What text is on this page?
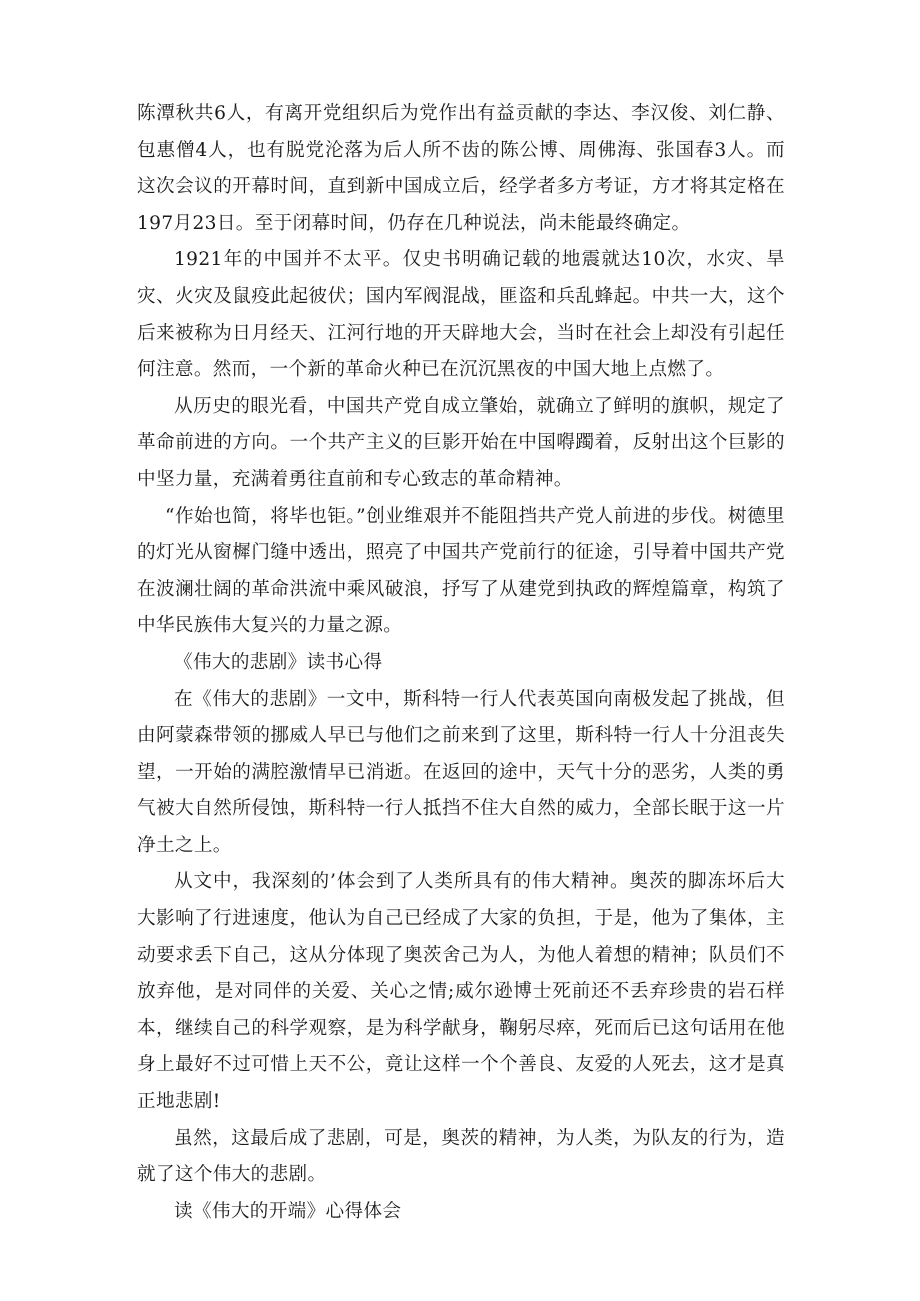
陈潭秋共6人，有离开党组织后为党作出有益贡献的李达、李汉俊、刘仁静、包惠僧4人，也有脱党沦落为后人所不齿的陈公博、周佛海、张国春3人。而这次会议的开幕时间，直到新中国成立后，经学者多方考证，方才将其定格在197月23日。至于闭幕时间，仍存在几种说法，尚未能最终确定。

1921年的中国并不太平。仅史书明确记载的地震就达10次，水灾、旱灾、火灾及鼠疫此起彼伏；国内军阀混战，匪盗和兵乱蜂起。中共一大，这个后来被称为日月经天、江河行地的开天辟地大会，当时在社会上却没有引起任何注意。然而，一个新的革命火种已在沉沉黑夜的中国大地上点燃了。

从历史的眼光看，中国共产党自成立肇始，就确立了鲜明的旗帜，规定了革命前进的方向。一个共产主义的巨影开始在中国嘚躅着，反射出这个巨影的中坚力量，充满着勇往直前和专心致志的革命精神。

“作始也简，将毕也钜。”创业维艰并不能阻挡共产党人前进的步伐。树德里的灯光从窗樨门缝中透出，照亮了中国共产党前行的征途，引导着中国共产党在波澜壮阔的革命洪流中乘风破浪，抒写了从建党到执政的辉煌篇章，构筑了中华民族伟大复兴的力量之源。

《伟大的悲剧》读书心得

在《伟大的悲剧》一文中，斯科特一行人代表英国向南极发起了挑战，但由阿蒙森带领的挪威人早已与他们之前来到了这里，斯科特一行人十分沮丧失望，一开始的满腔激情早已消逝。在返回的途中，天气十分的恶劣，人类的勇气被大自然所侵蚀，斯科特一行人抵挡不住大自然的威力，全部长眠于这一片净土之上。

从文中，我深刻的’体会到了人类所具有的伟大精神。奥茨的脚冻坏后大大影响了行进速度，他认为自己已经成了大家的负担，于是，他为了集体，主动要求丢下自己，这从分体现了奥茨舍己为人，为他人着想的精神；队员们不放弃他，是对同伴的关爱、关心之情;威尔逊博士死前还不丢弃珍贵的岩石样本，继续自己的科学观察，是为科学献身，鞠躬尽瘁，死而后已这句话用在他身上最好不过可惜上天不公，竟让这样一个个善良、友爱的人死去，这才是真正地悲剧!

虽然，这最后成了悲剧，可是，奥茨的精神，为人类，为队友的行为，造就了这个伟大的悲剧。

读《伟大的开端》心得体会
